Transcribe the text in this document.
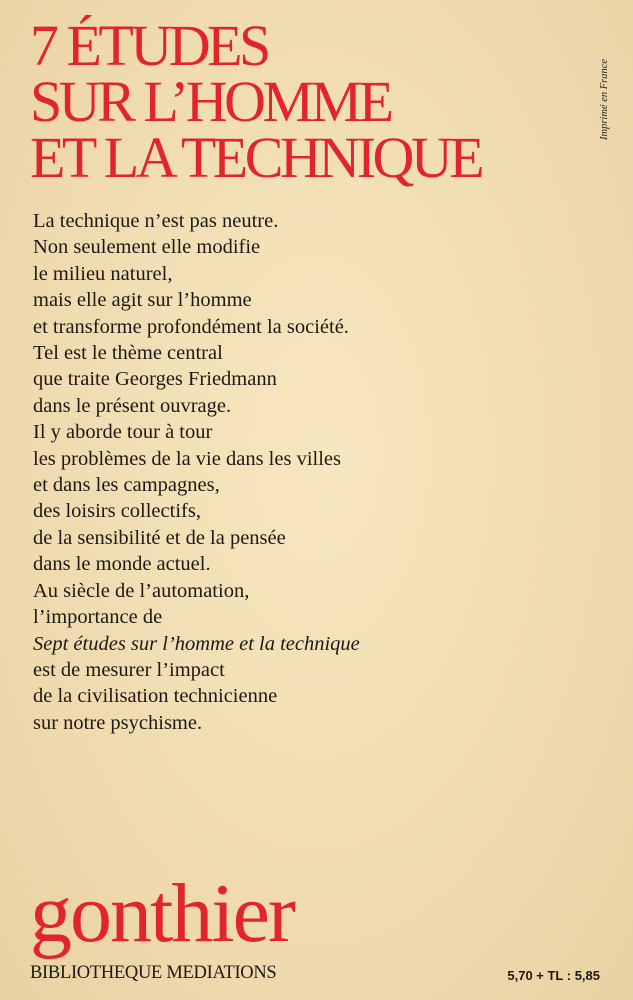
7 ÉTUDES
SUR L’HOMME
ET LA TECHNIQUE
Imprimé en France
La technique n’est pas neutre.
Non seulement elle modifie
le milieu naturel,
mais elle agit sur l’homme
et transforme profondément la société.
Tel est le thème central
que traite Georges Friedmann
dans le présent ouvrage.
Il y aborde tour à tour
les problèmes de la vie dans les villes
et dans les campagnes,
des loisirs collectifs,
de la sensibilité et de la pensée
dans le monde actuel.
Au siècle de l’automation,
l’importance de
Sept études sur l’homme et la technique
est de mesurer l’impact
de la civilisation technicienne
sur notre psychisme.
gonthier
BIBLIOTHEQUE MEDIATIONS	5,70 + TL : 5,85
